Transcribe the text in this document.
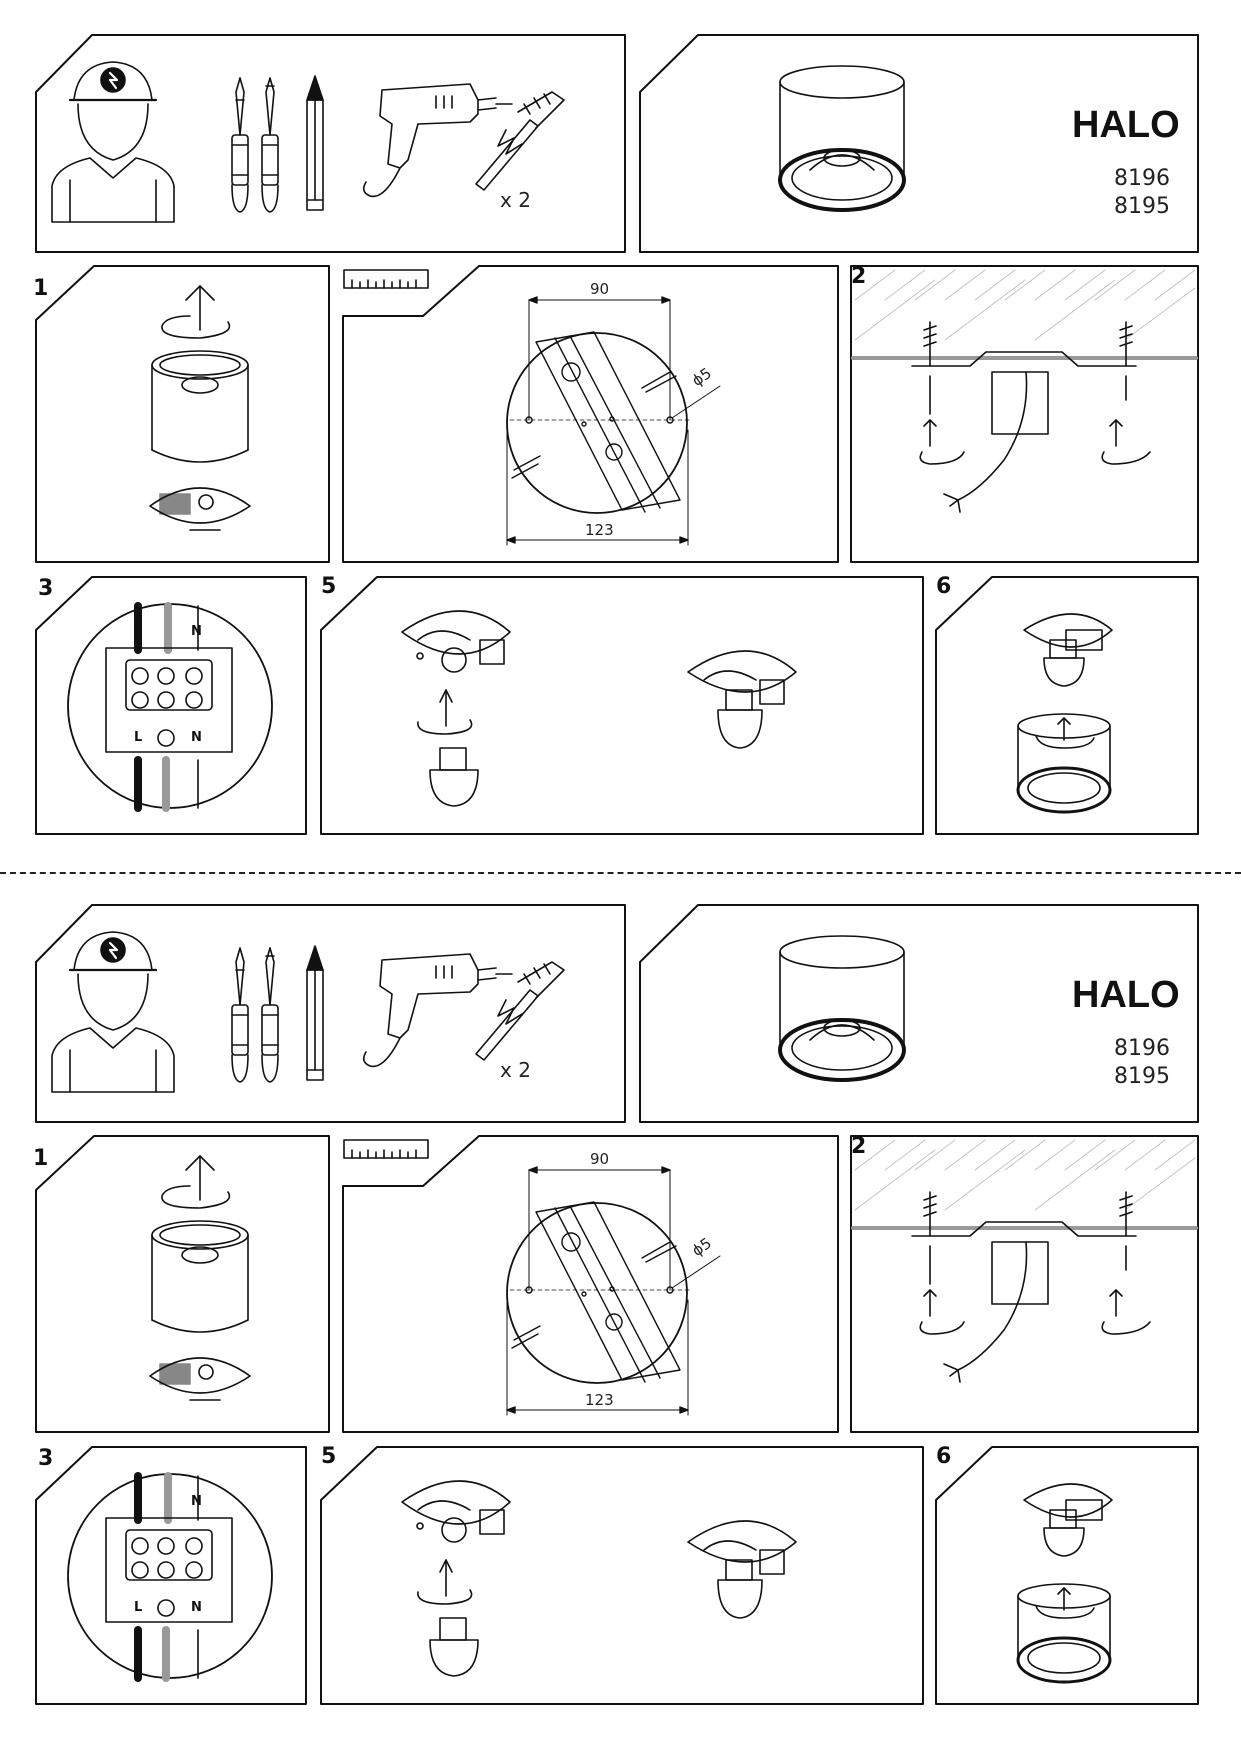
HALO
8196
8195
x 2
1	2
3	5	6
90
ϕ5
123
L	N
L	N
HALO
8196
8195
x 2
1	2
3	5	6
90
ϕ5
123
L	N
L	N
